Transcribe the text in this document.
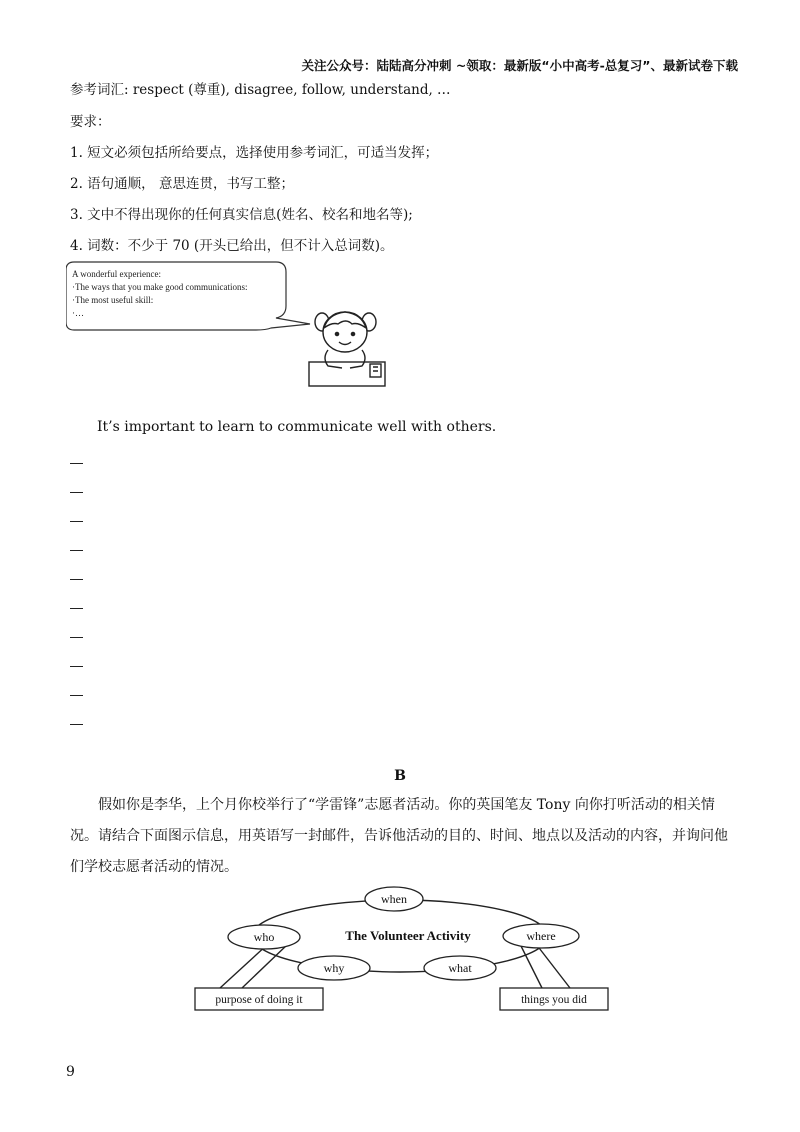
关注公众号：陆陆高分冲刺 ~领取：最新版“小中高考-总复习”、最新试卷下载
参考词汇: respect (尊重), disagree, follow, understand, …
要求：
1. 短文必须包括所给要点，选择使用参考词汇，可适当发挥；
2. 语句通顺， 意思连贯，书写工整；
3. 文中不得出现你的任何真实信息(姓名、校名和地名等);
4. 词数：不少于 70 (开头已给出，但不计入总词数)。
A wonderful experience:
·The ways that you make good communications:
·The most useful skill:
·…
It’s important to learn to communicate well with others.
B
假如你是李华，上个月你校举行了“学雷锋”志愿者活动。你的英国笔友 Tony 向你打听活动的相关情况。请结合下面图示信息，用英语写一封邮件，告诉他活动的目的、时间、地点以及活动的内容，并询问他们学校志愿者活动的情况。
The Volunteer Activity
when
who	where
why	what
purpose of doing it	things you did
9
